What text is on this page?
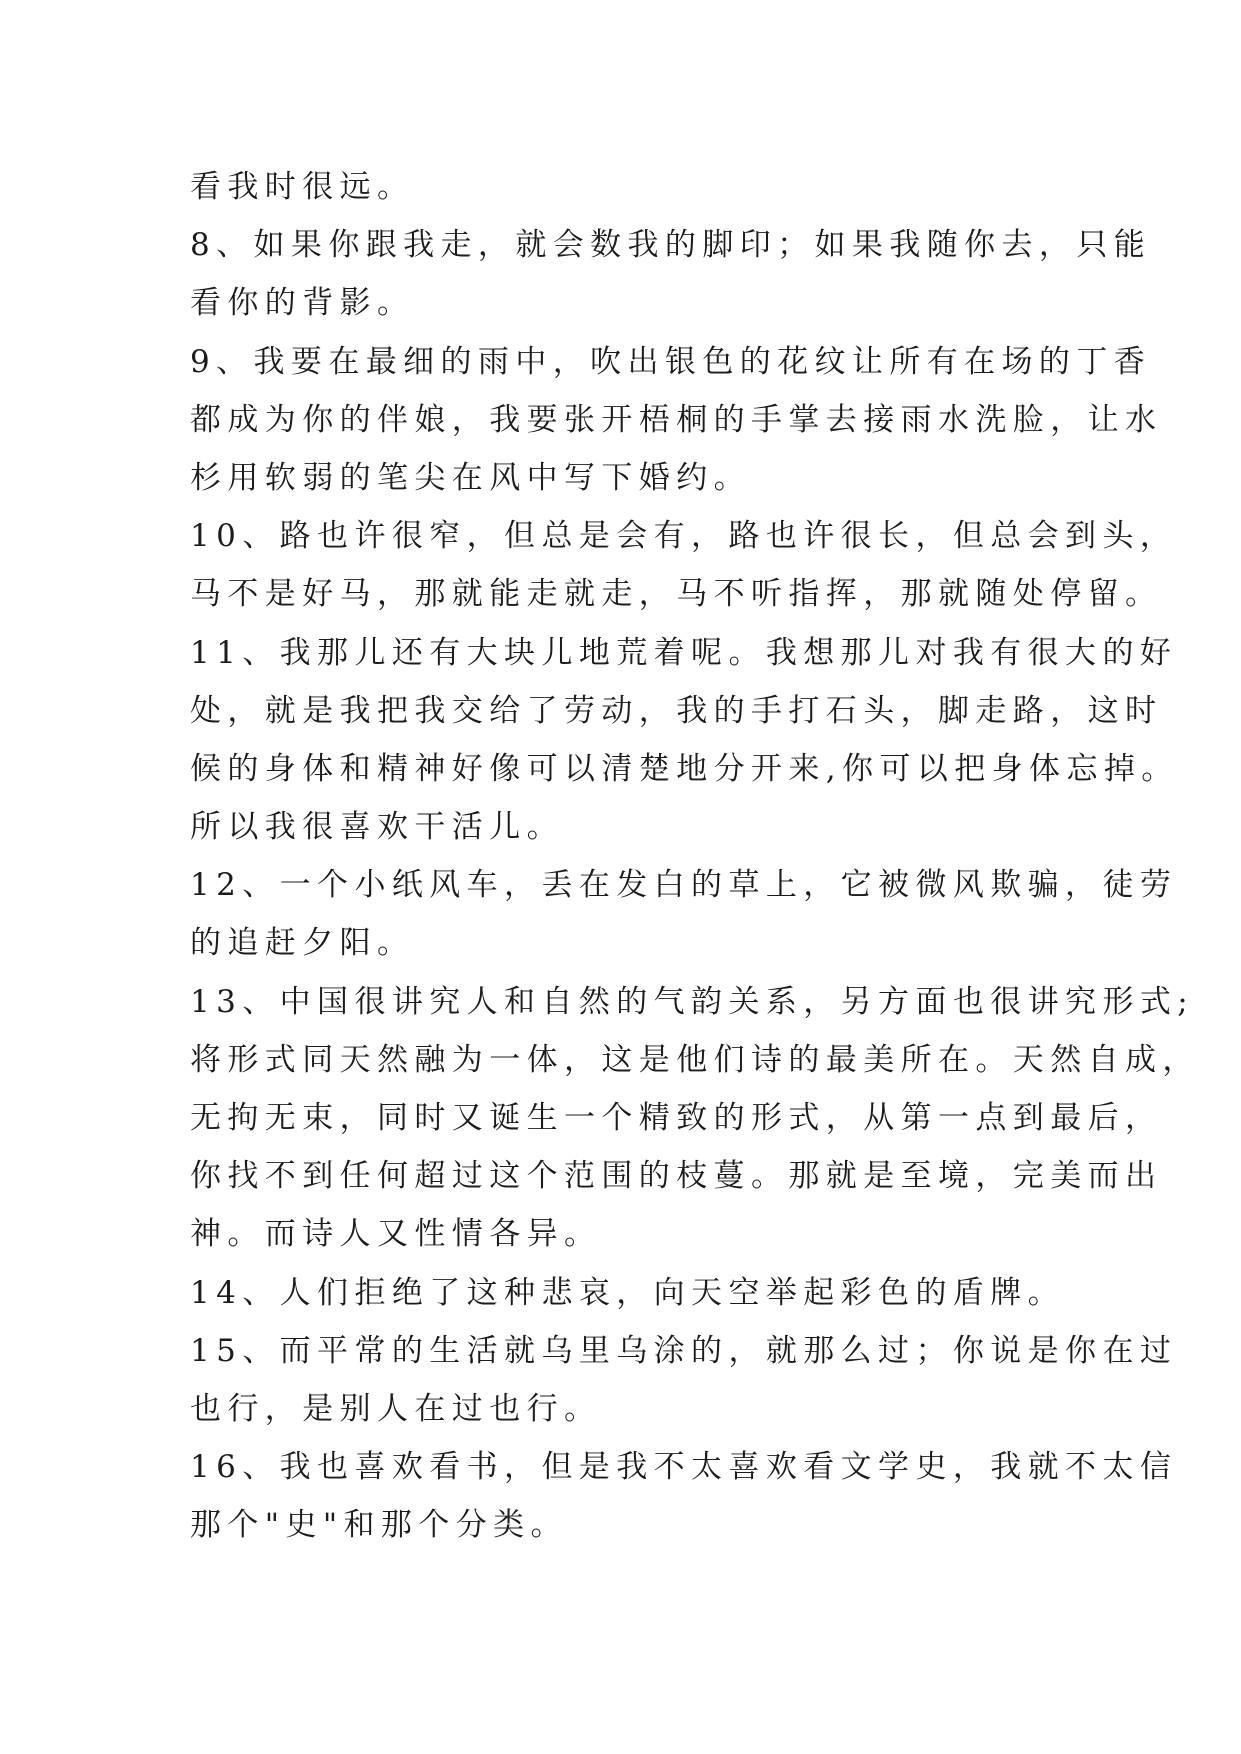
看我时很远。
8、如果你跟我走，就会数我的脚印；如果我随你去，只能
看你的背影。
9、我要在最细的雨中，吹出银色的花纹让所有在场的丁香
都成为你的伴娘，我要张开梧桐的手掌去接雨水洗脸，让水
杉用软弱的笔尖在风中写下婚约。
10、路也许很窄，但总是会有，路也许很长，但总会到头，
马不是好马，那就能走就走，马不听指挥，那就随处停留。
11、我那儿还有大块儿地荒着呢。我想那儿对我有很大的好
处，就是我把我交给了劳动，我的手打石头，脚走路，这时
候的身体和精神好像可以清楚地分开来,你可以把身体忘掉。
所以我很喜欢干活儿。
12、一个小纸风车，丢在发白的草上，它被微风欺骗，徒劳
的追赶夕阳。
13、中国很讲究人和自然的气韵关系，另方面也很讲究形式;
将形式同天然融为一体，这是他们诗的最美所在。天然自成，
无拘无束，同时又诞生一个精致的形式，从第一点到最后，
你找不到任何超过这个范围的枝蔓。那就是至境，完美而出
神。而诗人又性情各异。
14、人们拒绝了这种悲哀，向天空举起彩色的盾牌。
15、而平常的生活就乌里乌涂的，就那么过；你说是你在过
也行，是别人在过也行。
16、我也喜欢看书，但是我不太喜欢看文学史，我就不太信
那个"史"和那个分类。
